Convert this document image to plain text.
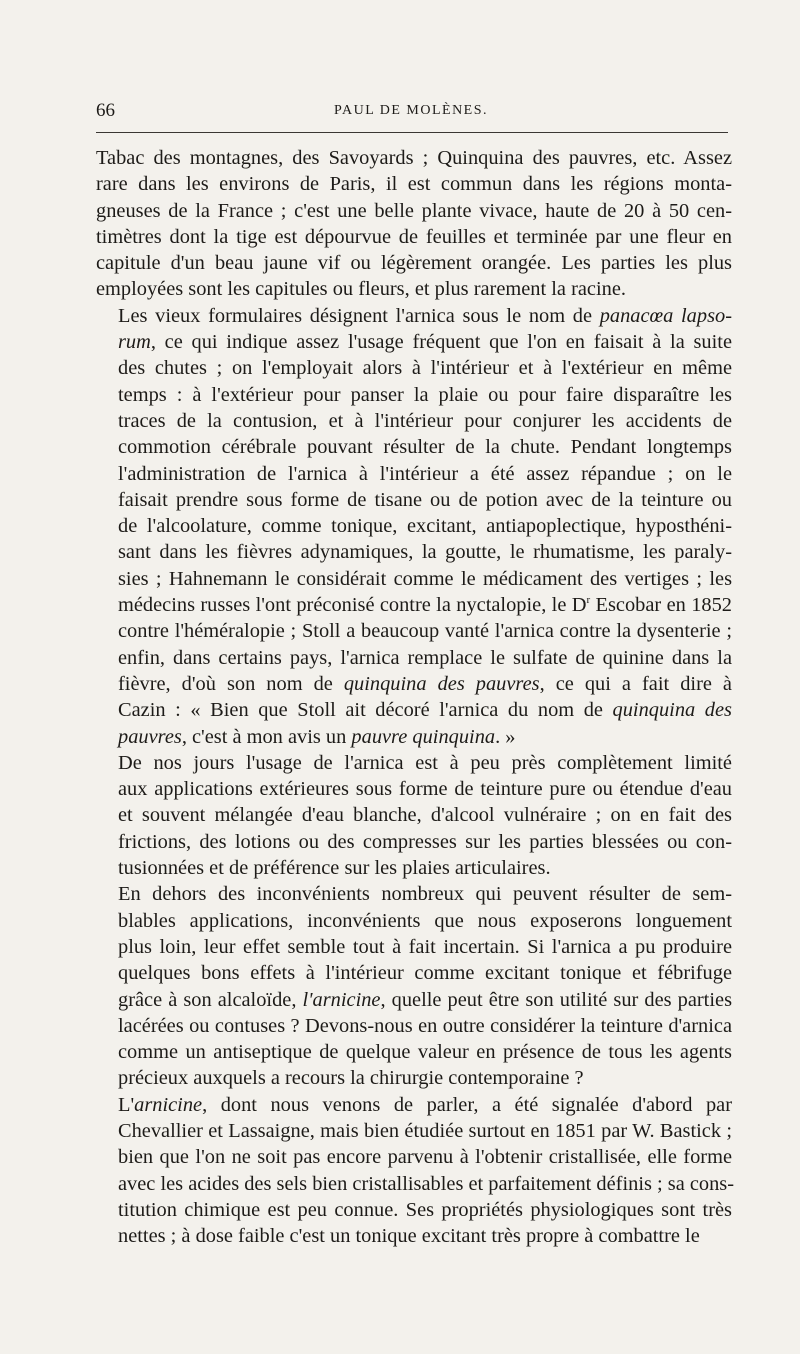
66	PAUL DE MOLÈNES.

Tabac des montagnes, des Savoyards ; Quinquina des pauvres, etc. Assez
rare dans les environs de Paris, il est commun dans les régions monta-
gneuses de la France ; c'est une belle plante vivace, haute de 20 à 50 cen-
timètres dont la tige est dépourvue de feuilles et terminée par une fleur en
capitule d'un beau jaune vif ou légèrement orangée. Les parties les plus
employées sont les capitules ou fleurs, et plus rarement la racine.

Les vieux formulaires désignent l'arnica sous le nom de panacœa lapso-
rum, ce qui indique assez l'usage fréquent que l'on en faisait à la suite
des chutes ; on l'employait alors à l'intérieur et à l'extérieur en même
temps : à l'extérieur pour panser la plaie ou pour faire disparaître les
traces de la contusion, et à l'intérieur pour conjurer les accidents de
commotion cérébrale pouvant résulter de la chute. Pendant longtemps
l'administration de l'arnica à l'intérieur a été assez répandue ; on le
faisait prendre sous forme de tisane ou de potion avec de la teinture ou
de l'alcoolature, comme tonique, excitant, antiapoplectique, hyposthéni-
sant dans les fièvres adynamiques, la goutte, le rhumatisme, les paraly-
sies ; Hahnemann le considérait comme le médicament des vertiges ; les
médecins russes l'ont préconisé contre la nyctalopie, le $D^r$ Escobar en 1852
contre l'héméralopie ; Stoll a beaucoup vanté l'arnica contre la dysenterie ;
enfin, dans certains pays, l'arnica remplace le sulfate de quinine dans la
fièvre, d'où son nom de quinquina des pauvres, ce qui a fait dire à
Cazin : « Bien que Stoll ait décoré l'arnica du nom de quinquina des
pauvres, c'est à mon avis un pauvre quinquina. »

De nos jours l'usage de l'arnica est à peu près complètement limité
aux applications extérieures sous forme de teinture pure ou étendue d'eau
et souvent mélangée d'eau blanche, d'alcool vulnéraire ; on en fait des
frictions, des lotions ou des compresses sur les parties blessées ou con-
tusionnées et de préférence sur les plaies articulaires.

En dehors des inconvénients nombreux qui peuvent résulter de sem-
blables applications, inconvénients que nous exposerons longuement
plus loin, leur effet semble tout à fait incertain. Si l'arnica a pu produire
quelques bons effets à l'intérieur comme excitant tonique et fébrifuge
grâce à son alcaloïde, l'arnicine, quelle peut être son utilité sur des parties
lacérées ou contuses ? Devons-nous en outre considérer la teinture d'arnica
comme un antiseptique de quelque valeur en présence de tous les agents
précieux auxquels a recours la chirurgie contemporaine ?

L'arnicine, dont nous venons de parler, a été signalée d'abord par
Chevallier et Lassaigne, mais bien étudiée surtout en 1851 par W. Bastick ;
bien que l'on ne soit pas encore parvenu à l'obtenir cristallisée, elle forme
avec les acides des sels bien cristallisables et parfaitement définis ; sa cons-
titution chimique est peu connue. Ses propriétés physiologiques sont très
nettes ; à dose faible c'est un tonique excitant très propre à combattre le
